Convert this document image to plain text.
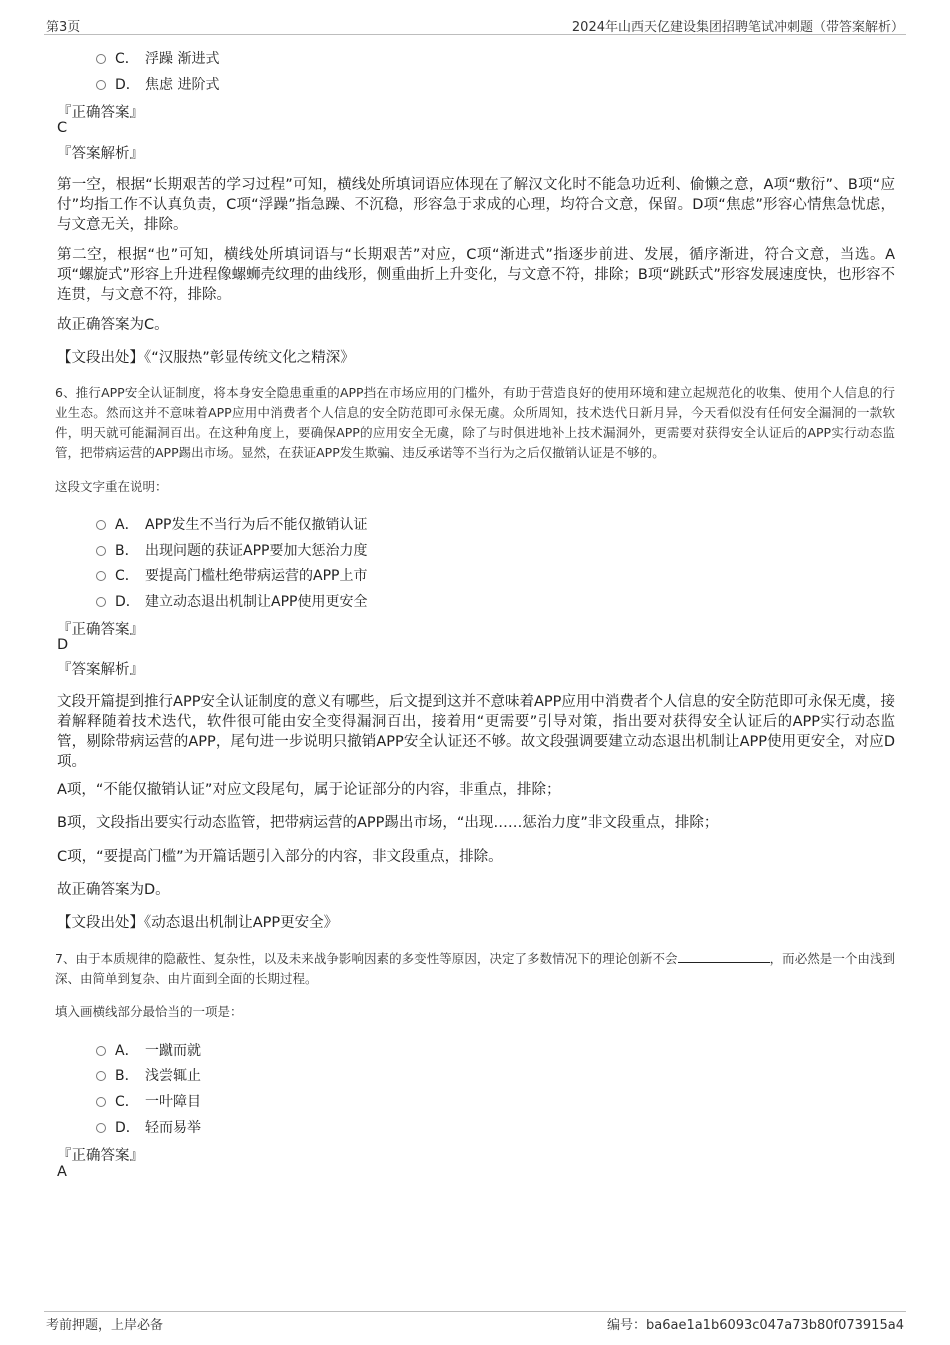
第3页	2024年山西天亿建设集团招聘笔试冲刺题（带答案解析）
C． 浮躁 渐进式
D． 焦虑 进阶式
『正确答案』
C
『答案解析』
第一空，根据“长期艰苦的学习过程”可知，横线处所填词语应体现在了解汉文化时不能急功近利、偷懒之意，A项“敷衍”、B项“应付”均指工作不认真负责，C项“浮躁”指急躁、不沉稳，形容急于求成的心理，均符合文意，保留。D项“焦虑”形容心情焦急忧虑，与文意无关，排除。
第二空，根据“也”可知，横线处所填词语与“长期艰苦”对应，C项“渐进式”指逐步前进、发展，循序渐进，符合文意，当选。A项“螺旋式”形容上升进程像螺蛳壳纹理的曲线形，侧重曲折上升变化，与文意不符，排除；B项“跳跃式”形容发展速度快，也形容不连贯，与文意不符，排除。
故正确答案为C。
【文段出处】《“汉服热”彰显传统文化之精深》
6、推行APP安全认证制度，将本身安全隐患重重的APP挡在市场应用的门槛外，有助于营造良好的使用环境和建立起规范化的收集、使用个人信息的行业生态。然而这并不意味着APP应用中消费者个人信息的安全防范即可永保无虞。众所周知，技术迭代日新月异，今天看似没有任何安全漏洞的一款软件，明天就可能漏洞百出。在这种角度上，要确保APP的应用安全无虞，除了与时俱进地补上技术漏洞外，更需要对获得安全认证后的APP实行动态监管，把带病运营的APP踢出市场。显然，在获证APP发生欺骗、违反承诺等不当行为之后仅撤销认证是不够的。
这段文字重在说明：
A． APP发生不当行为后不能仅撤销认证
B． 出现问题的获证APP要加大惩治力度
C． 要提高门槛杜绝带病运营的APP上市
D． 建立动态退出机制让APP使用更安全
『正确答案』
D
『答案解析』
文段开篇提到推行APP安全认证制度的意义有哪些，后文提到这并不意味着APP应用中消费者个人信息的安全防范即可永保无虞，接着解释随着技术迭代，软件很可能由安全变得漏洞百出，接着用“更需要”引导对策，指出要对获得安全认证后的APP实行动态监管，剔除带病运营的APP，尾句进一步说明只撤销APP安全认证还不够。故文段强调要建立动态退出机制让APP使用更安全，对应D项。
A项，“不能仅撤销认证”对应文段尾句，属于论证部分的内容，非重点，排除；
B项，文段指出要实行动态监管，把带病运营的APP踢出市场，“出现……惩治力度”非文段重点，排除；
C项，“要提高门槛”为开篇话题引入部分的内容，非文段重点，排除。
故正确答案为D。
【文段出处】《动态退出机制让APP更安全》
7、由于本质规律的隐蔽性、复杂性，以及未来战争影响因素的多变性等原因，决定了多数情况下的理论创新不会	，而必然是一个由浅到深、由简单到复杂、由片面到全面的长期过程。
填入画横线部分最恰当的一项是：
A． 一蹴而就
B． 浅尝辄止
C． 一叶障目
D． 轻而易举
『正确答案』
A
考前押题，上岸必备	编号：ba6ae1a1b6093c047a73b80f073915a4
